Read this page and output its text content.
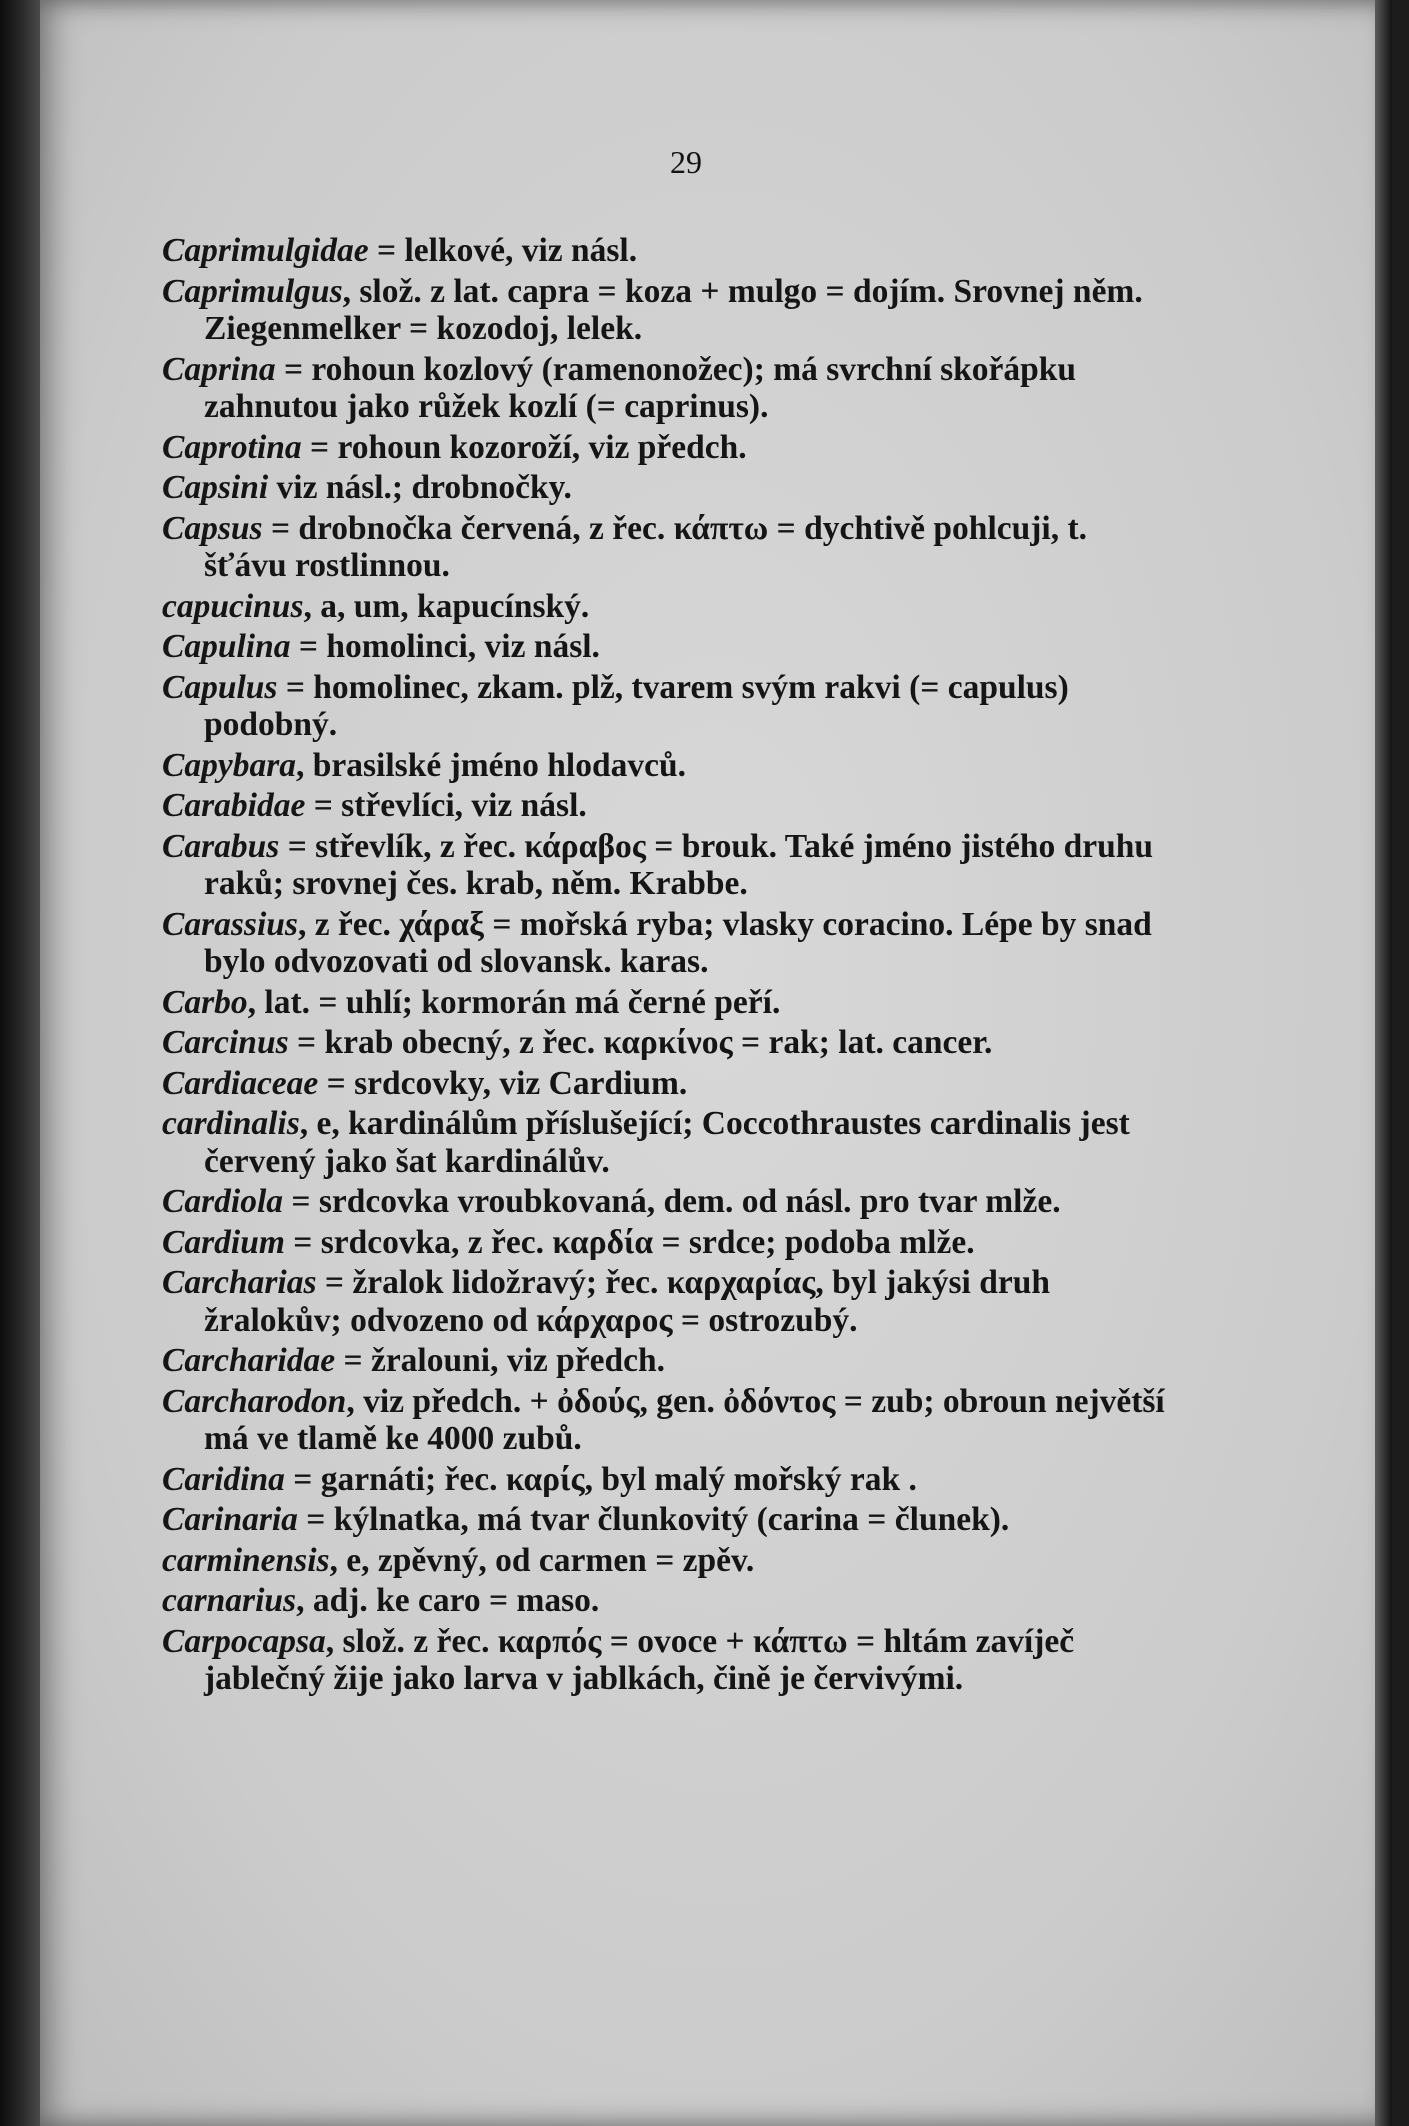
29
Caprimulgidae = lelkové, viz násl.
Caprimulgus, slož. z lat. capra = koza + mulgo = dojím. Srovnej něm. Ziegenmelker = kozodoj, lelek.
Caprina = rohoun kozlový (ramenonožec); má svrchní skořápku zahnutou jako růžek kozlí (= caprinus).
Caprotina = rohoun kozoroží, viz předch.
Capsini viz násl.; drobnočky.
Capsus = drobnočka červená, z řec. κάπτω = dychtivě pohlcuji, t. šťávu rostlinnou.
capucinus, a, um, kapucínský.
Capulina = homolinci, viz násl.
Capulus = homolinec, zkam. plž, tvarem svým rakvi (= capulus) podobný.
Capybara, brasilské jméno hlodavců.
Carabidae = střevlíci, viz násl.
Carabus = střevlík, z řec. κάραβος = brouk. Také jméno jistého druhu raků; srovnej čes. krab, něm. Krabbe.
Carassius, z řec. χάραξ = mořská ryba; vlasky coracino. Lépe by snad bylo odvozovati od slovansk. karas.
Carbo, lat. = uhlí; kormorán má černé peří.
Carcinus = krab obecný, z řec. καρκίνος = rak; lat. cancer.
Cardiaceae = srdcovky, viz Cardium.
cardinalis, e, kardinálům příslušející; Coccothraustes cardinalis jest červený jako šat kardinálův.
Cardiola = srdcovka vroubkovaná, dem. od násl. pro tvar mlže.
Cardium = srdcovka, z řec. καρδία = srdce; podoba mlže.
Carcharias = žralok lidožravý; řec. καρχαρίας, byl jakýsi druh žralokův; odvozeno od κάρχαρος = ostrozubý.
Carcharidae = žralouni, viz předch.
Carcharodon, viz předch. + ὀδούς, gen. ὀδόντος = zub; obroun největší má ve tlamě ke 4000 zubů.
Caridina = garnáti; řec. καρίς, byl malý mořský rak .
Carinaria = kýlnatka, má tvar člunkovitý (carina = člunek).
carminensis, e, zpěvný, od carmen = zpěv.
carnarius, adj. ke caro = maso.
Carpocapsa, slož. z řec. καρπός = ovoce + κάπτω = hltám zavíječ jablečný žije jako larva v jablkách, čině je červivými.
